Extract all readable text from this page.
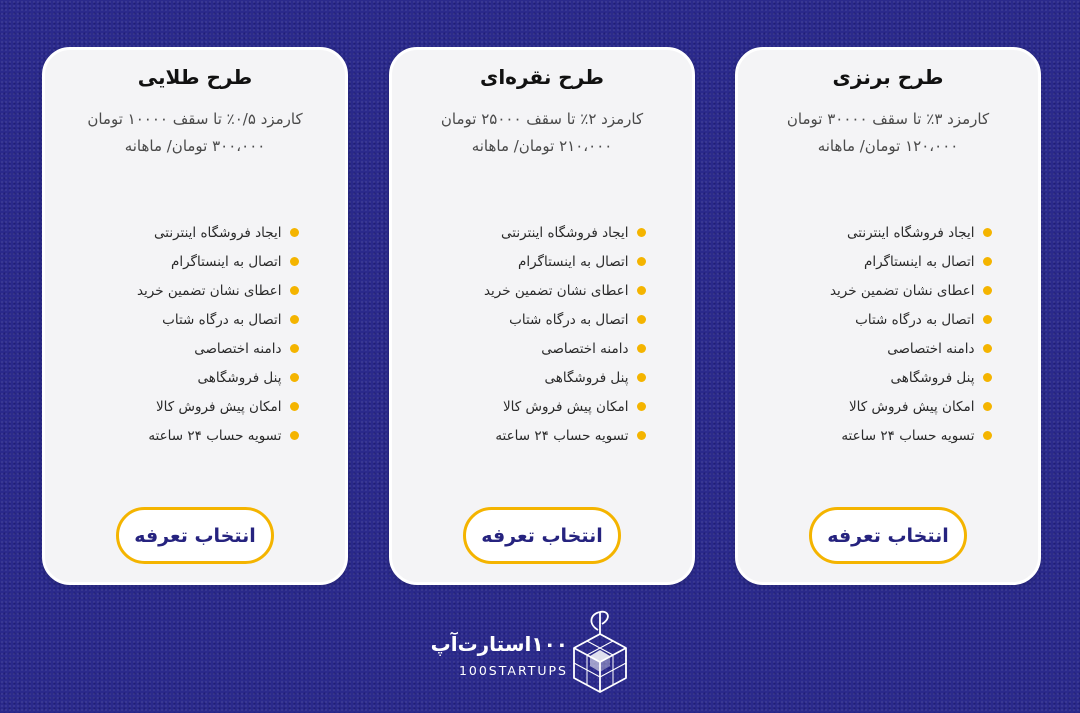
طرح برنزی
کارمزد ۳٪ تا سقف ۳۰۰۰۰ تومان
۱۲۰،۰۰۰ تومان/ ماهانه
ایجاد فروشگاه اینترنتی
اتصال به اینستاگرام
اعطای نشان تضمین خرید
اتصال به درگاه شتاب
دامنه اختصاصی
پنل فروشگاهی
امکان پیش فروش کالا
تسویه حساب ۲۴ ساعته
انتخاب تعرفه
طرح نقره‌ای
کارمزد ۲٪ تا سقف ۲۵۰۰۰ تومان
۲۱۰،۰۰۰ تومان/ ماهانه
ایجاد فروشگاه اینترنتی
اتصال به اینستاگرام
اعطای نشان تضمین خرید
اتصال به درگاه شتاب
دامنه اختصاصی
پنل فروشگاهی
امکان پیش فروش کالا
تسویه حساب ۲۴ ساعته
انتخاب تعرفه
طرح طلایی
کارمزد ۰/۵٪ تا سقف ۱۰۰۰۰ تومان
۳۰۰،۰۰۰ تومان/ ماهانه
ایجاد فروشگاه اینترنتی
اتصال به اینستاگرام
اعطای نشان تضمین خرید
اتصال به درگاه شتاب
دامنه اختصاصی
پنل فروشگاهی
امکان پیش فروش کالا
تسویه حساب ۲۴ ساعته
انتخاب تعرفه
۱۰۰استارت‌آپ
100STARTUPS
